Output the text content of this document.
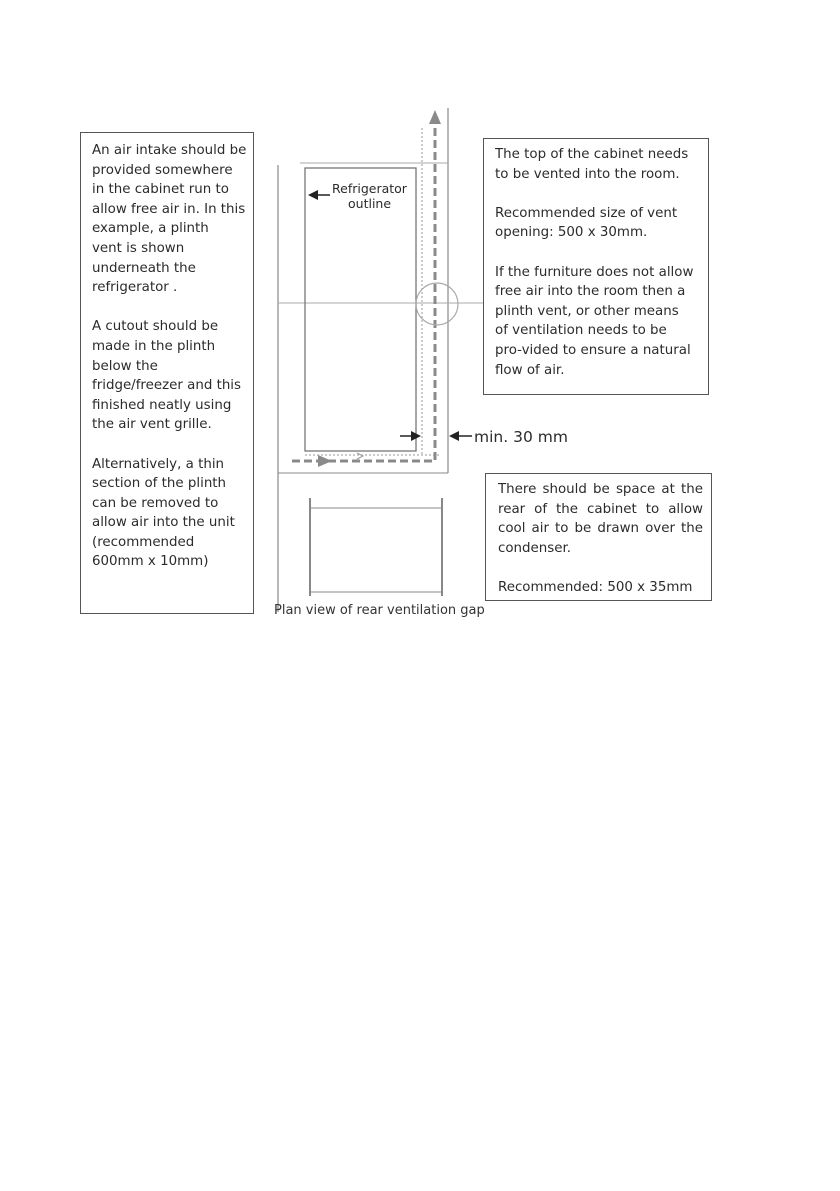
Refrigerator
outline
min. 30 mm

An air intake should be
provided somewhere
in the cabinet run to
allow free air in. In this
example, a plinth
vent is shown
underneath the
refrigerator .

A cutout should be
made in the plinth
below the
fridge/freezer and this
finished neatly using
the air vent grille.

Alternatively, a thin
section of the plinth
can be removed to
allow air into the unit
(recommended
600mm x 10mm)

The top of the cabinet needs
to be vented into the room.

Recommended size of vent
opening: 500 x 30mm.

If the furniture does not allow
free air into the room then a
plinth vent, or other means
of ventilation needs to be
pro-vided to ensure a natural
flow of air.

There should be space at the rear of the cabinet to allow cool air to be drawn over the condenser.

Recommended: 500 x 35mm

Plan view of rear ventilation gap
